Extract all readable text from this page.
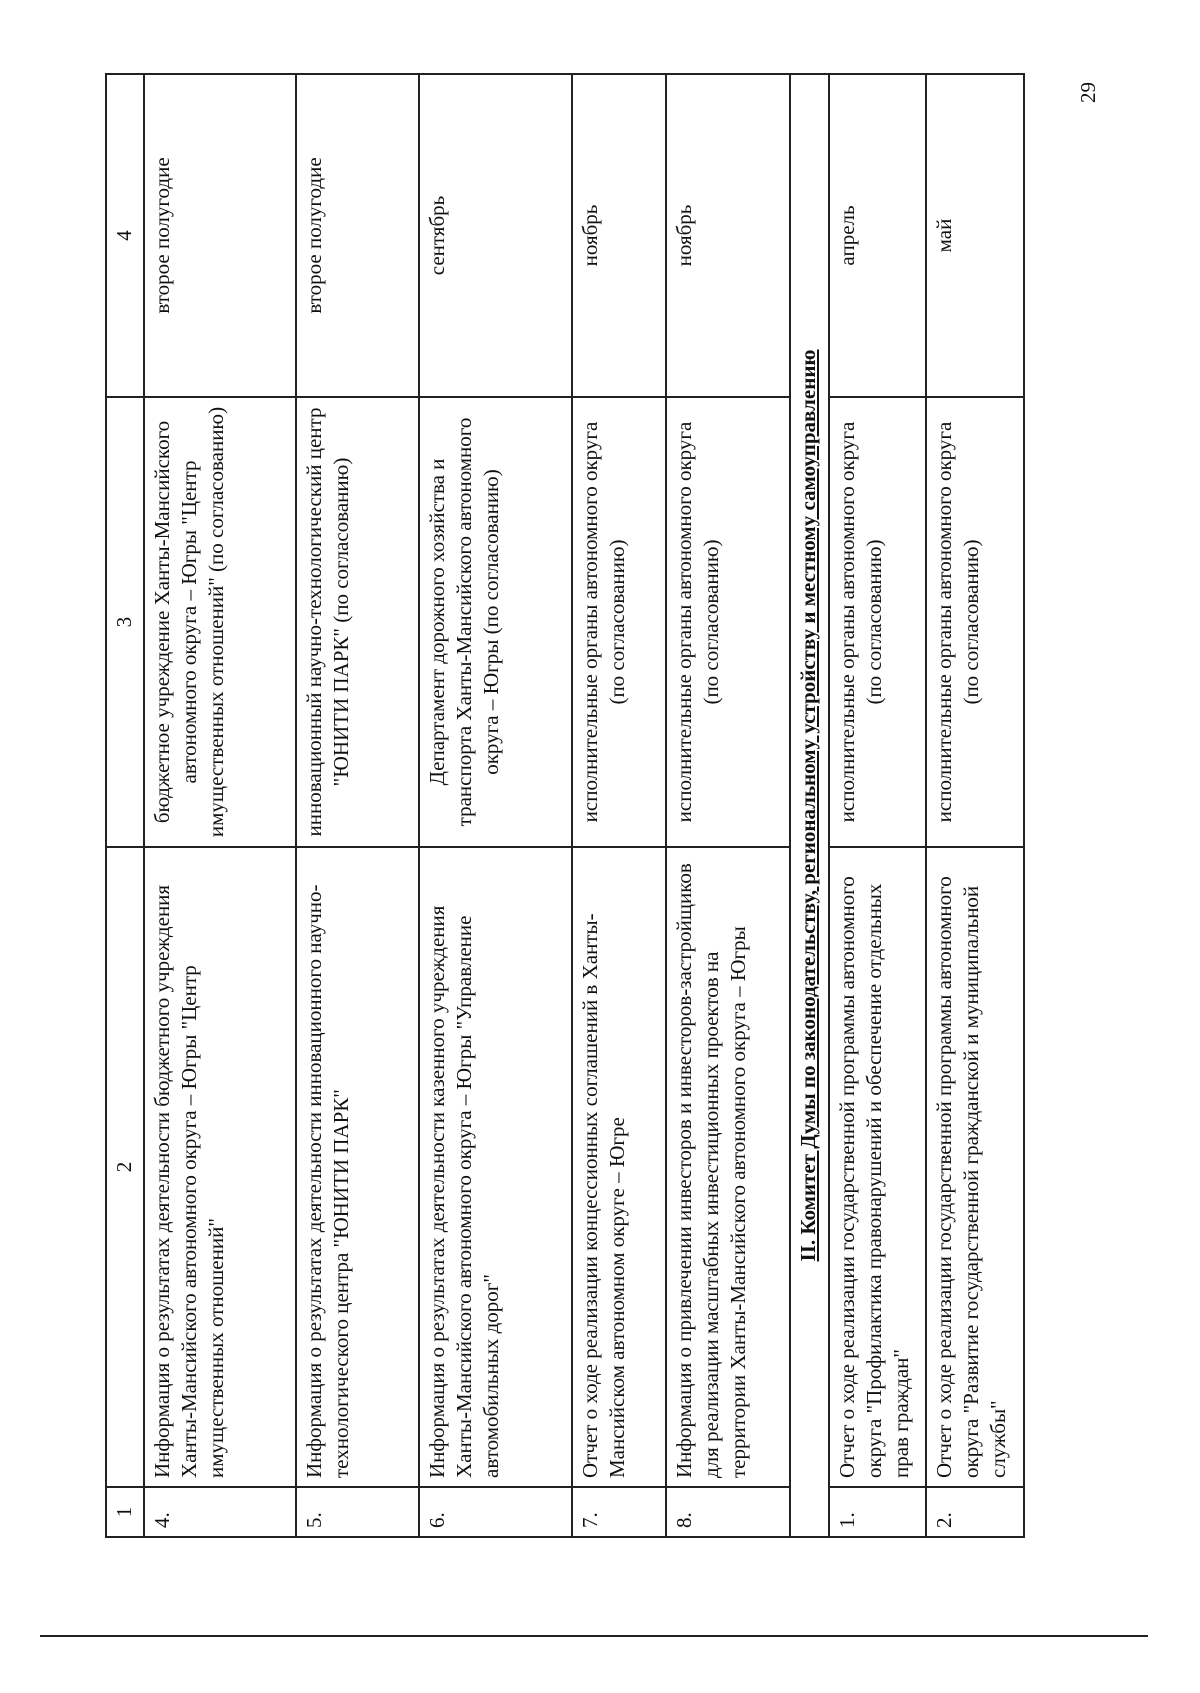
29
1	2	3	4
4.	Информация о результатах деятельности бюджетного учреждения Ханты-Мансийского автономного округа – Югры "Центр имущественных отношений"	бюджетное учреждение Ханты-Мансийского автономного округа – Югры "Центр имущественных отношений" (по согласованию)	второе полугодие
5.	Информация о результатах деятельности инновационного научно-технологического центра "ЮНИТИ ПАРК"	инновационный научно-технологический центр "ЮНИТИ ПАРК" (по согласованию)	второе полугодие
6.	Информация о результатах деятельности казенного учреждения Ханты-Мансийского автономного округа – Югры "Управление автомобильных дорог"	Департамент дорожного хозяйства и транспорта Ханты-Мансийского автономного округа – Югры (по согласованию)	сентябрь
7.	Отчет о ходе реализации концессионных соглашений в Ханты-Мансийском автономном округе – Югре	исполнительные органы автономного округа (по согласованию)	ноябрь
8.	Информация о привлечении инвесторов и инвесторов-застройщиков для реализации масштабных инвестиционных проектов на территории Ханты-Мансийского автономного округа – Югры	исполнительные органы автономного округа (по согласованию)	ноябрь
II. Комитет Думы по законодательству, региональному устройству и местному самоуправлению			
1.	Отчет о ходе реализации государственной программы автономного округа "Профилактика правонарушений и обеспечение отдельных прав граждан"	исполнительные органы автономного округа (по согласованию)	апрель
2.	Отчет о ходе реализации государственной программы автономного округа "Развитие государственной гражданской и муниципальной службы"	исполнительные органы автономного округа (по согласованию)	май
